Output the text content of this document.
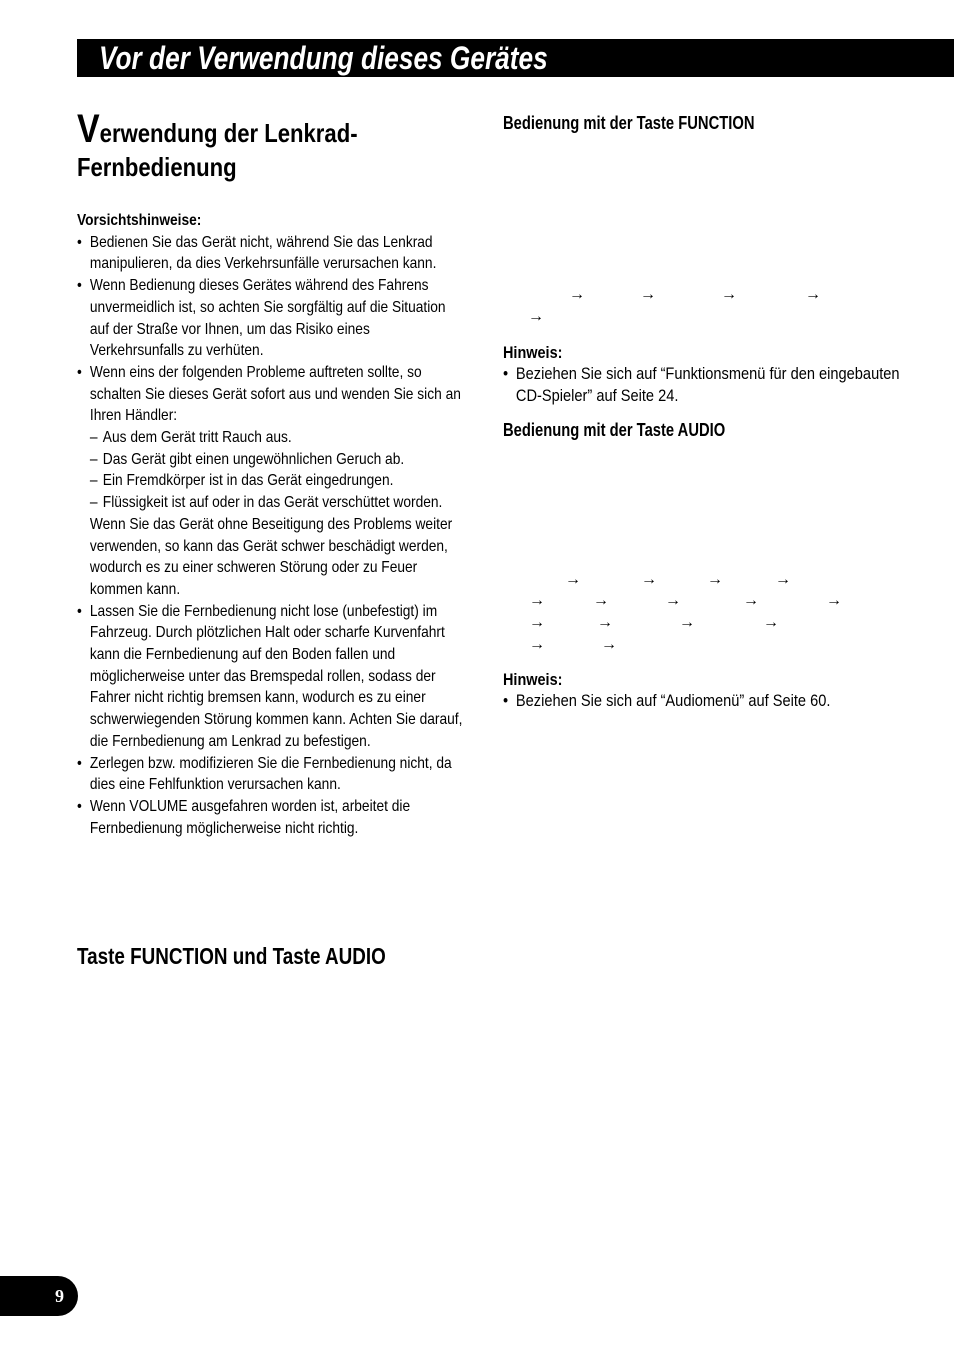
Vor der Verwendung dieses Gerätes
Verwendung der Lenkrad-
Fernbedienung
Vorsichtshinweise:
• Bedienen Sie das Gerät nicht, während Sie das Lenkrad manipulieren, da dies Verkehrsunfälle verursachen kann.
• Wenn Bedienung dieses Gerätes während des Fahrens unvermeidlich ist, so achten Sie sorgfältig auf die Situation auf der Straße vor Ihnen, um das Risiko eines Verkehrsunfalls zu verhüten.
• Wenn eins der folgenden Probleme auftreten sollte, so schalten Sie dieses Gerät sofort aus und wenden Sie sich an Ihren Händler:
– Aus dem Gerät tritt Rauch aus.
– Das Gerät gibt einen ungewöhnlichen Geruch ab.
– Ein Fremdkörper ist in das Gerät eingedrungen.
– Flüssigkeit ist auf oder in das Gerät verschüttet worden.
Wenn Sie das Gerät ohne Beseitigung des Problems weiter verwenden, so kann das Gerät schwer beschädigt werden, wodurch es zu einer schweren Störung oder zu Feuer kommen kann.
• Lassen Sie die Fernbedienung nicht lose (unbefestigt) im Fahrzeug. Durch plötzlichen Halt oder scharfe Kurvenfahrt kann die Fernbedienung auf den Boden fallen und möglicherweise unter das Bremspedal rollen, sodass der Fahrer nicht richtig bremsen kann, wodurch es zu einer schwerwiegenden Störung kommen kann. Achten Sie darauf, die Fernbedienung am Lenkrad zu befestigen.
• Zerlegen bzw. modifizieren Sie die Fernbedienung nicht, da dies eine Fehlfunktion verursachen kann.
• Wenn VOLUME ausgefahren worden ist, arbeitet die Fernbedienung möglicherweise nicht richtig.
Taste FUNCTION und Taste AUDIO
Bedienung mit der Taste FUNCTION
→	→	→	→
→
Hinweis:
• Beziehen Sie sich auf “Funktionsmenü für den eingebauten CD-Spieler” auf Seite 24.
Bedienung mit der Taste AUDIO
→	→	→	→
→	→	→	→	→
→	→	→	→
→	→
Hinweis:
• Beziehen Sie sich auf “Audiomenü” auf Seite 60.
9
